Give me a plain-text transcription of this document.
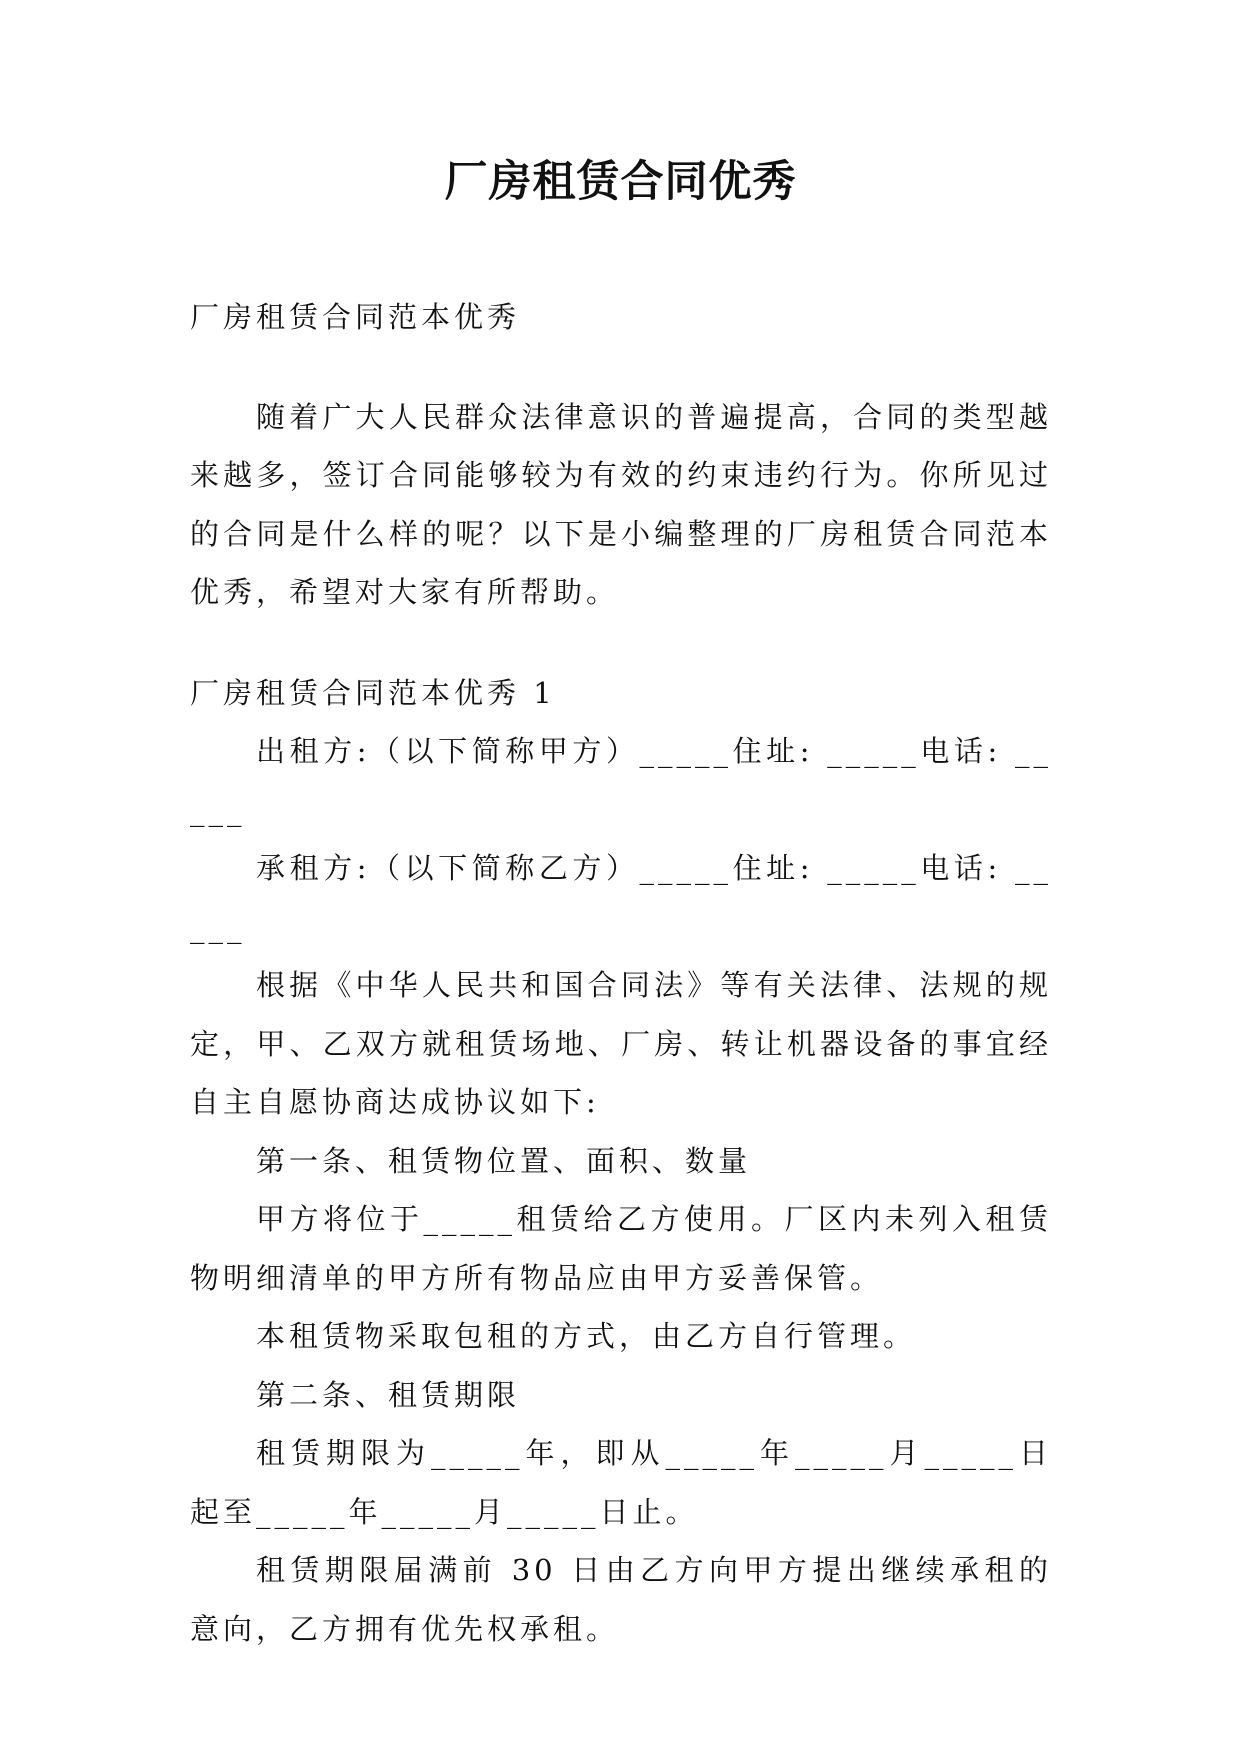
厂房租赁合同优秀

厂房租赁合同范本优秀

随着广大人民群众法律意识的普遍提高，合同的类型越来越多，签订合同能够较为有效的约束违约行为。你所见过的合同是什么样的呢？以下是小编整理的厂房租赁合同范本优秀，希望对大家有所帮助。

厂房租赁合同范本优秀 1

出租方:（以下简称甲方）_____住址: _____电话: _____

承租方:（以下简称乙方）_____住址: _____电话: _____

根据《中华人民共和国合同法》等有关法律、法规的规定，甲、乙双方就租赁场地、厂房、转让机器设备的事宜经自主自愿协商达成协议如下:

第一条、租赁物位置、面积、数量

甲方将位于_____租赁给乙方使用。厂区内未列入租赁物明细清单的甲方所有物品应由甲方妥善保管。

本租赁物采取包租的方式，由乙方自行管理。

第二条、租赁期限

租赁期限为_____年，即从_____年_____月_____日起至_____年_____月_____日止。

租赁期限届满前 30 日由乙方向甲方提出继续承租的意向，乙方拥有优先权承租。
